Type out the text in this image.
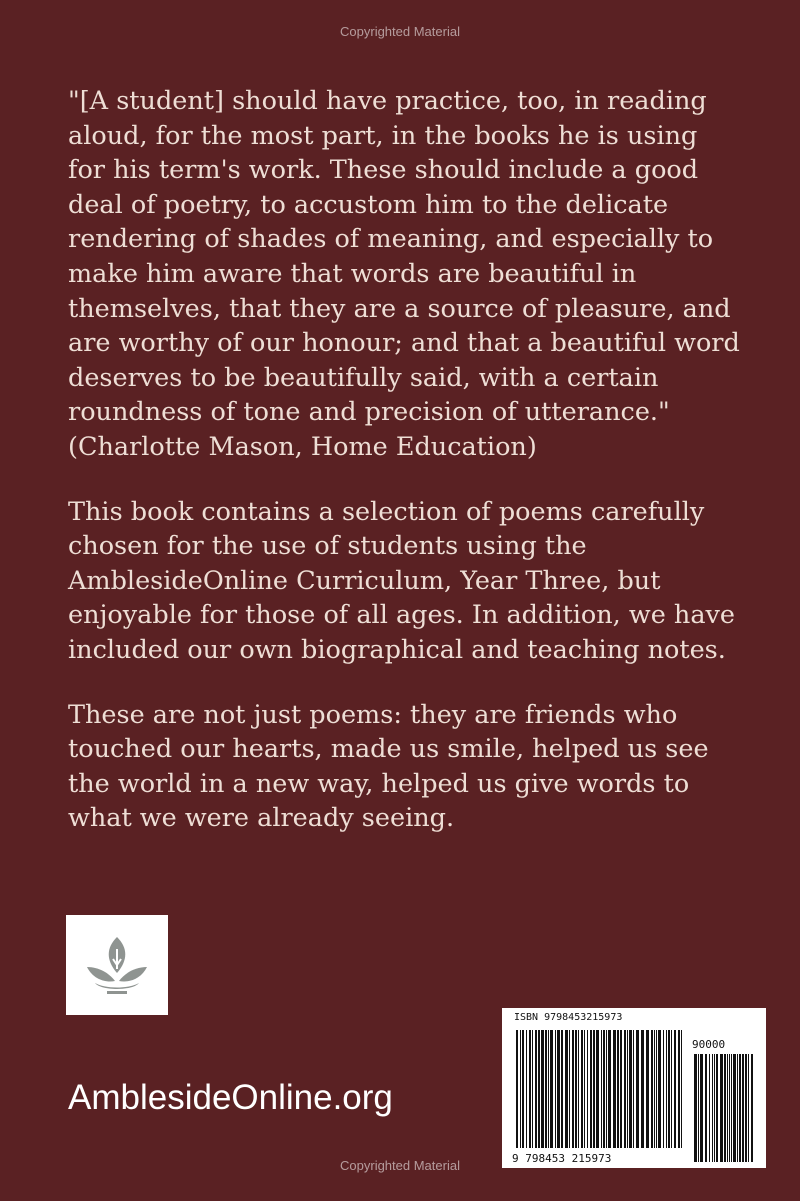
Copyrighted Material

"[A student] should have practice, too, in reading aloud, for the most part, in the books he is using for his term's work. These should include a good deal of poetry, to accustom him to the delicate rendering of shades of meaning, and especially to make him aware that words are beautiful in themselves, that they are a source of pleasure, and are worthy of our honour; and that a beautiful word deserves to be beautifully said, with a certain roundness of tone and precision of utterance." (Charlotte Mason, Home Education)

This book contains a selection of poems carefully chosen for the use of students using the AmblesideOnline Curriculum, Year Three, but enjoyable for those of all ages. In addition, we have included our own biographical and teaching notes.

These are not just poems: they are friends who touched our hearts, made us smile, helped us see the world in a new way, helped us give words to what we were already seeing.

AmblesideOnline.org
ISBN 9798453215973
90000
9 798453 215973
Copyrighted Material
